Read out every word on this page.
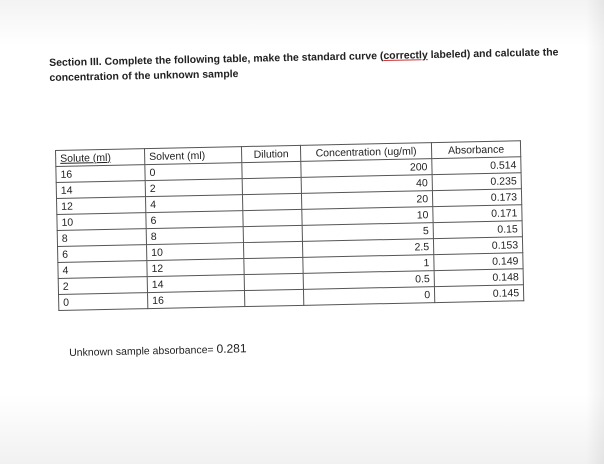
Section III. Complete the following table, make the standard curve (correctly labeled) and calculate the concentration of the unknown sample
Solute (ml)	Solvent (ml)	Dilution	Concentration (ug/ml)	Absorbance
16	0		200	0.514
14	2		40	0.235
12	4		20	0.173
10	6		10	0.171
8	8		5	0.15
6	10		2.5	0.153
4	12		1	0.149
2	14		0.5	0.148
0	16		0	0.145
Unknown sample absorbance= 0.281
